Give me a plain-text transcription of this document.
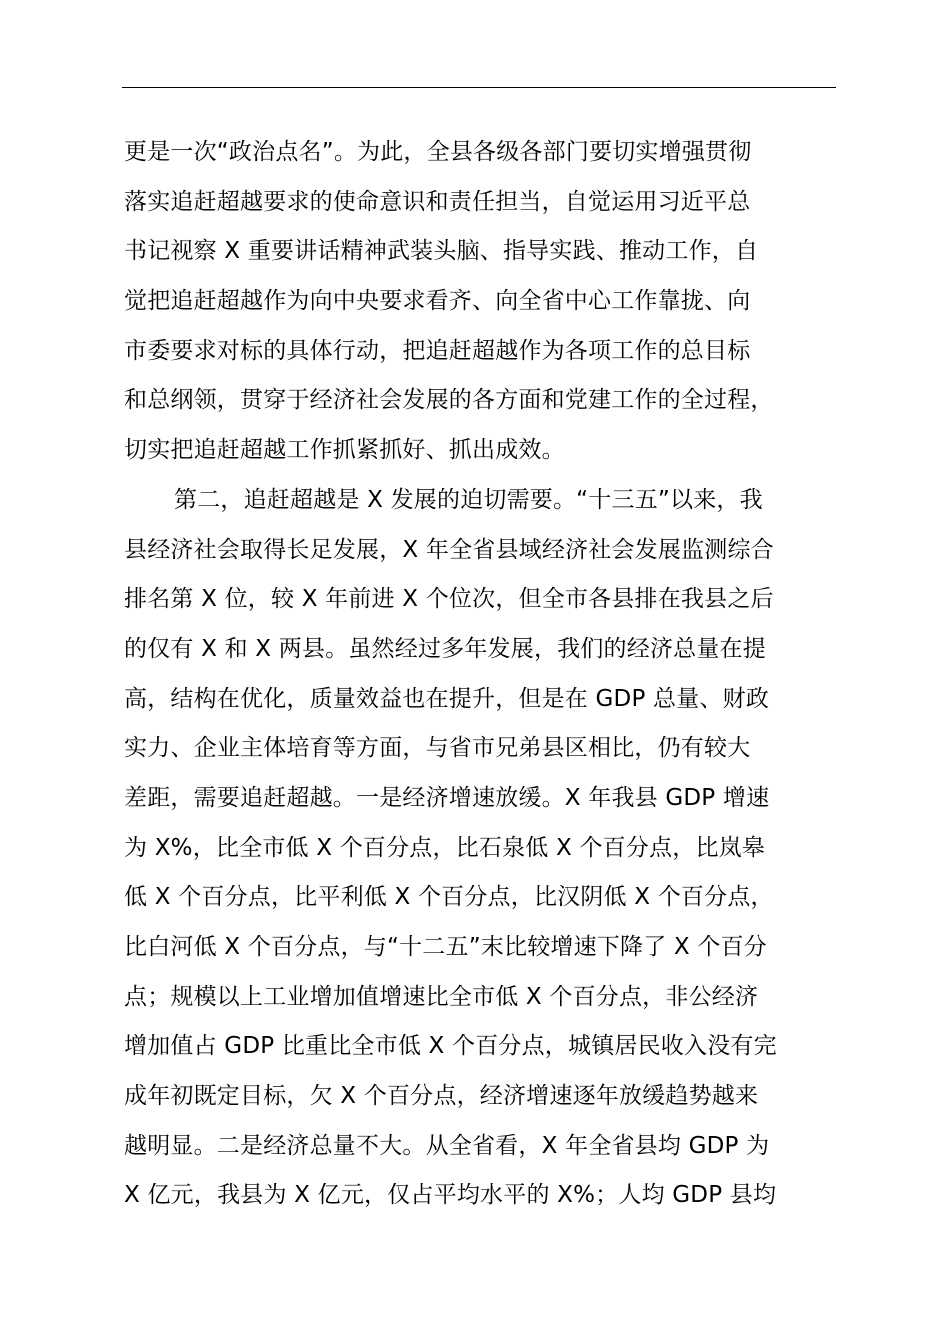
更是一次“政治点名”。为此，全县各级各部门要切实增强贯彻
落实追赶超越要求的使命意识和责任担当，自觉运用习近平总
书记视察 X 重要讲话精神武装头脑、指导实践、推动工作，自
觉把追赶超越作为向中央要求看齐、向全省中心工作靠拢、向
市委要求对标的具体行动，把追赶超越作为各项工作的总目标
和总纲领，贯穿于经济社会发展的各方面和党建工作的全过程，
切实把追赶超越工作抓紧抓好、抓出成效。
第二，追赶超越是 X 发展的迫切需要。“十三五”以来，我
县经济社会取得长足发展，X 年全省县域经济社会发展监测综合
排名第 X 位，较 X 年前进 X 个位次，但全市各县排在我县之后
的仅有 X 和 X 两县。虽然经过多年发展，我们的经济总量在提
高，结构在优化，质量效益也在提升，但是在 GDP 总量、财政
实力、企业主体培育等方面，与省市兄弟县区相比，仍有较大
差距，需要追赶超越。一是经济增速放缓。X 年我县 GDP 增速
为 X%，比全市低 X 个百分点，比石泉低 X 个百分点，比岚皋
低 X 个百分点，比平利低 X 个百分点，比汉阴低 X 个百分点，
比白河低 X 个百分点，与“十二五”末比较增速下降了 X 个百分
点；规模以上工业增加值增速比全市低 X 个百分点，非公经济
增加值占 GDP 比重比全市低 X 个百分点，城镇居民收入没有完
成年初既定目标，欠 X 个百分点，经济增速逐年放缓趋势越来
越明显。二是经济总量不大。从全省看，X 年全省县均 GDP 为
X 亿元，我县为 X 亿元，仅占平均水平的 X%；人均 GDP 县均
